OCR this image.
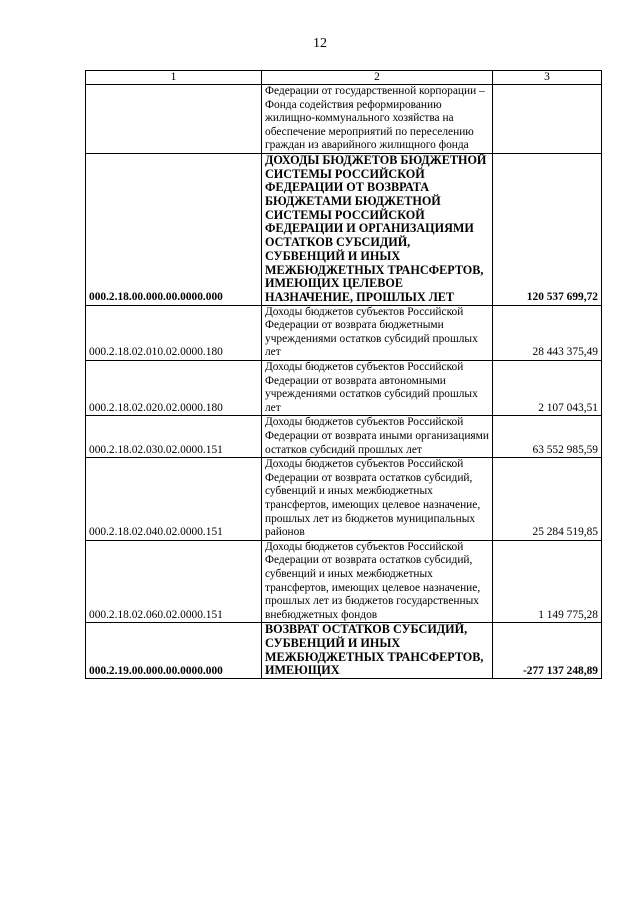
12
1	2	3
	Федерации от государственной корпорации – Фонда содействия реформированию жилищно-коммунального хозяйства на обеспечение мероприятий по переселению граждан из аварийного жилищного фонда	
000.2.18.00.000.00.0000.000	ДОХОДЫ БЮДЖЕТОВ БЮДЖЕТНОЙ СИСТЕМЫ РОССИЙСКОЙ ФЕДЕРАЦИИ ОТ ВОЗВРАТА БЮДЖЕТАМИ БЮДЖЕТНОЙ СИСТЕМЫ РОССИЙСКОЙ ФЕДЕРАЦИИ И ОРГАНИЗАЦИЯМИ ОСТАТКОВ СУБСИДИЙ, СУБВЕНЦИЙ И ИНЫХ МЕЖБЮДЖЕТНЫХ ТРАНСФЕРТОВ, ИМЕЮЩИХ ЦЕЛЕВОЕ НАЗНАЧЕНИЕ, ПРОШЛЫХ ЛЕТ	120 537 699,72
000.2.18.02.010.02.0000.180	Доходы бюджетов субъектов Российской Федерации от возврата бюджетными учреждениями остатков субсидий прошлых лет	28 443 375,49
000.2.18.02.020.02.0000.180	Доходы бюджетов субъектов Российской Федерации от возврата автономными учреждениями остатков субсидий прошлых лет	2 107 043,51
000.2.18.02.030.02.0000.151	Доходы бюджетов субъектов Российской Федерации от возврата иными организациями остатков субсидий прошлых лет	63 552 985,59
000.2.18.02.040.02.0000.151	Доходы бюджетов субъектов Российской Федерации от возврата остатков субсидий, субвенций и иных межбюджетных трансфертов, имеющих целевое назначение, прошлых лет из бюджетов муниципальных районов	25 284 519,85
000.2.18.02.060.02.0000.151	Доходы бюджетов субъектов Российской Федерации от возврата остатков субсидий, субвенций и иных межбюджетных трансфертов, имеющих целевое назначение, прошлых лет из бюджетов государственных внебюджетных фондов	1 149 775,28
000.2.19.00.000.00.0000.000	ВОЗВРАТ ОСТАТКОВ СУБСИДИЙ, СУБВЕНЦИЙ И ИНЫХ МЕЖБЮДЖЕТНЫХ ТРАНСФЕРТОВ, ИМЕЮЩИХ	-277 137 248,89
